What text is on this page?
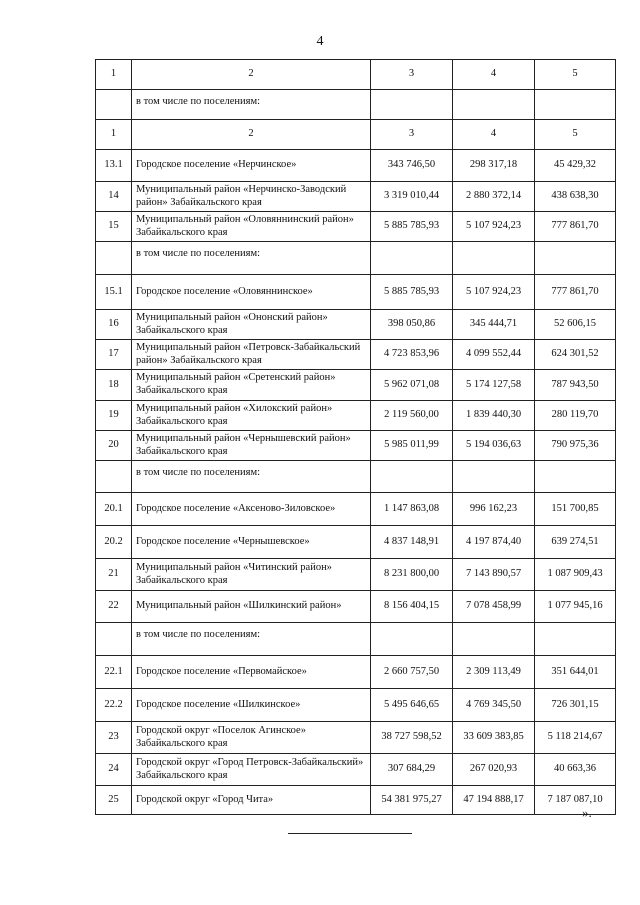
4
1	2	3	4	5
	в том числе по поселениям:			
1	2	3	4	5
13.1	Городское поселение «Нерчинское»	343 746,50	298 317,18	45 429,32
14	Муниципальный район «Нерчинско-Заводский район» Забайкальского края	3 319 010,44	2 880 372,14	438 638,30
15	Муниципальный район «Оловяннинский район» Забайкальского края	5 885 785,93	5 107 924,23	777 861,70
	в том числе по поселениям:			
15.1	Городское поселение «Оловяннинское»	5 885 785,93	5 107 924,23	777 861,70
16	Муниципальный район «Ононский район» Забайкальского края	398 050,86	345 444,71	52 606,15
17	Муниципальный район «Петровск-Забайкальский район» Забайкальского края	4 723 853,96	4 099 552,44	624 301,52
18	Муниципальный район «Сретенский район» Забайкальского края	5 962 071,08	5 174 127,58	787 943,50
19	Муниципальный район «Хилокский район» Забайкальского края	2 119 560,00	1 839 440,30	280 119,70
20	Муниципальный район «Чернышевский район» Забайкальского края	5 985 011,99	5 194 036,63	790 975,36
	в том числе по поселениям:			
20.1	Городское поселение «Аксеново-Зиловское»	1 147 863,08	996 162,23	151 700,85
20.2	Городское поселение «Чернышевское»	4 837 148,91	4 197 874,40	639 274,51
21	Муниципальный район «Читинский район» Забайкальского края	8 231 800,00	7 143 890,57	1 087 909,43
22	Муниципальный район «Шилкинский район»	8 156 404,15	7 078 458,99	1 077 945,16
	в том числе по поселениям:			
22.1	Городское поселение «Первомайское»	2 660 757,50	2 309 113,49	351 644,01
22.2	Городское поселение «Шилкинское»	5 495 646,65	4 769 345,50	726 301,15
23	Городской округ «Поселок Агинское» Забайкальского края	38 727 598,52	33 609 383,85	5 118 214,67
24	Городской округ «Город Петровск-Забайкальский» Забайкальского края	307 684,29	267 020,93	40 663,36
25	Городской округ «Город Чита»	54 381 975,27	47 194 888,17	7 187 087,10
».
